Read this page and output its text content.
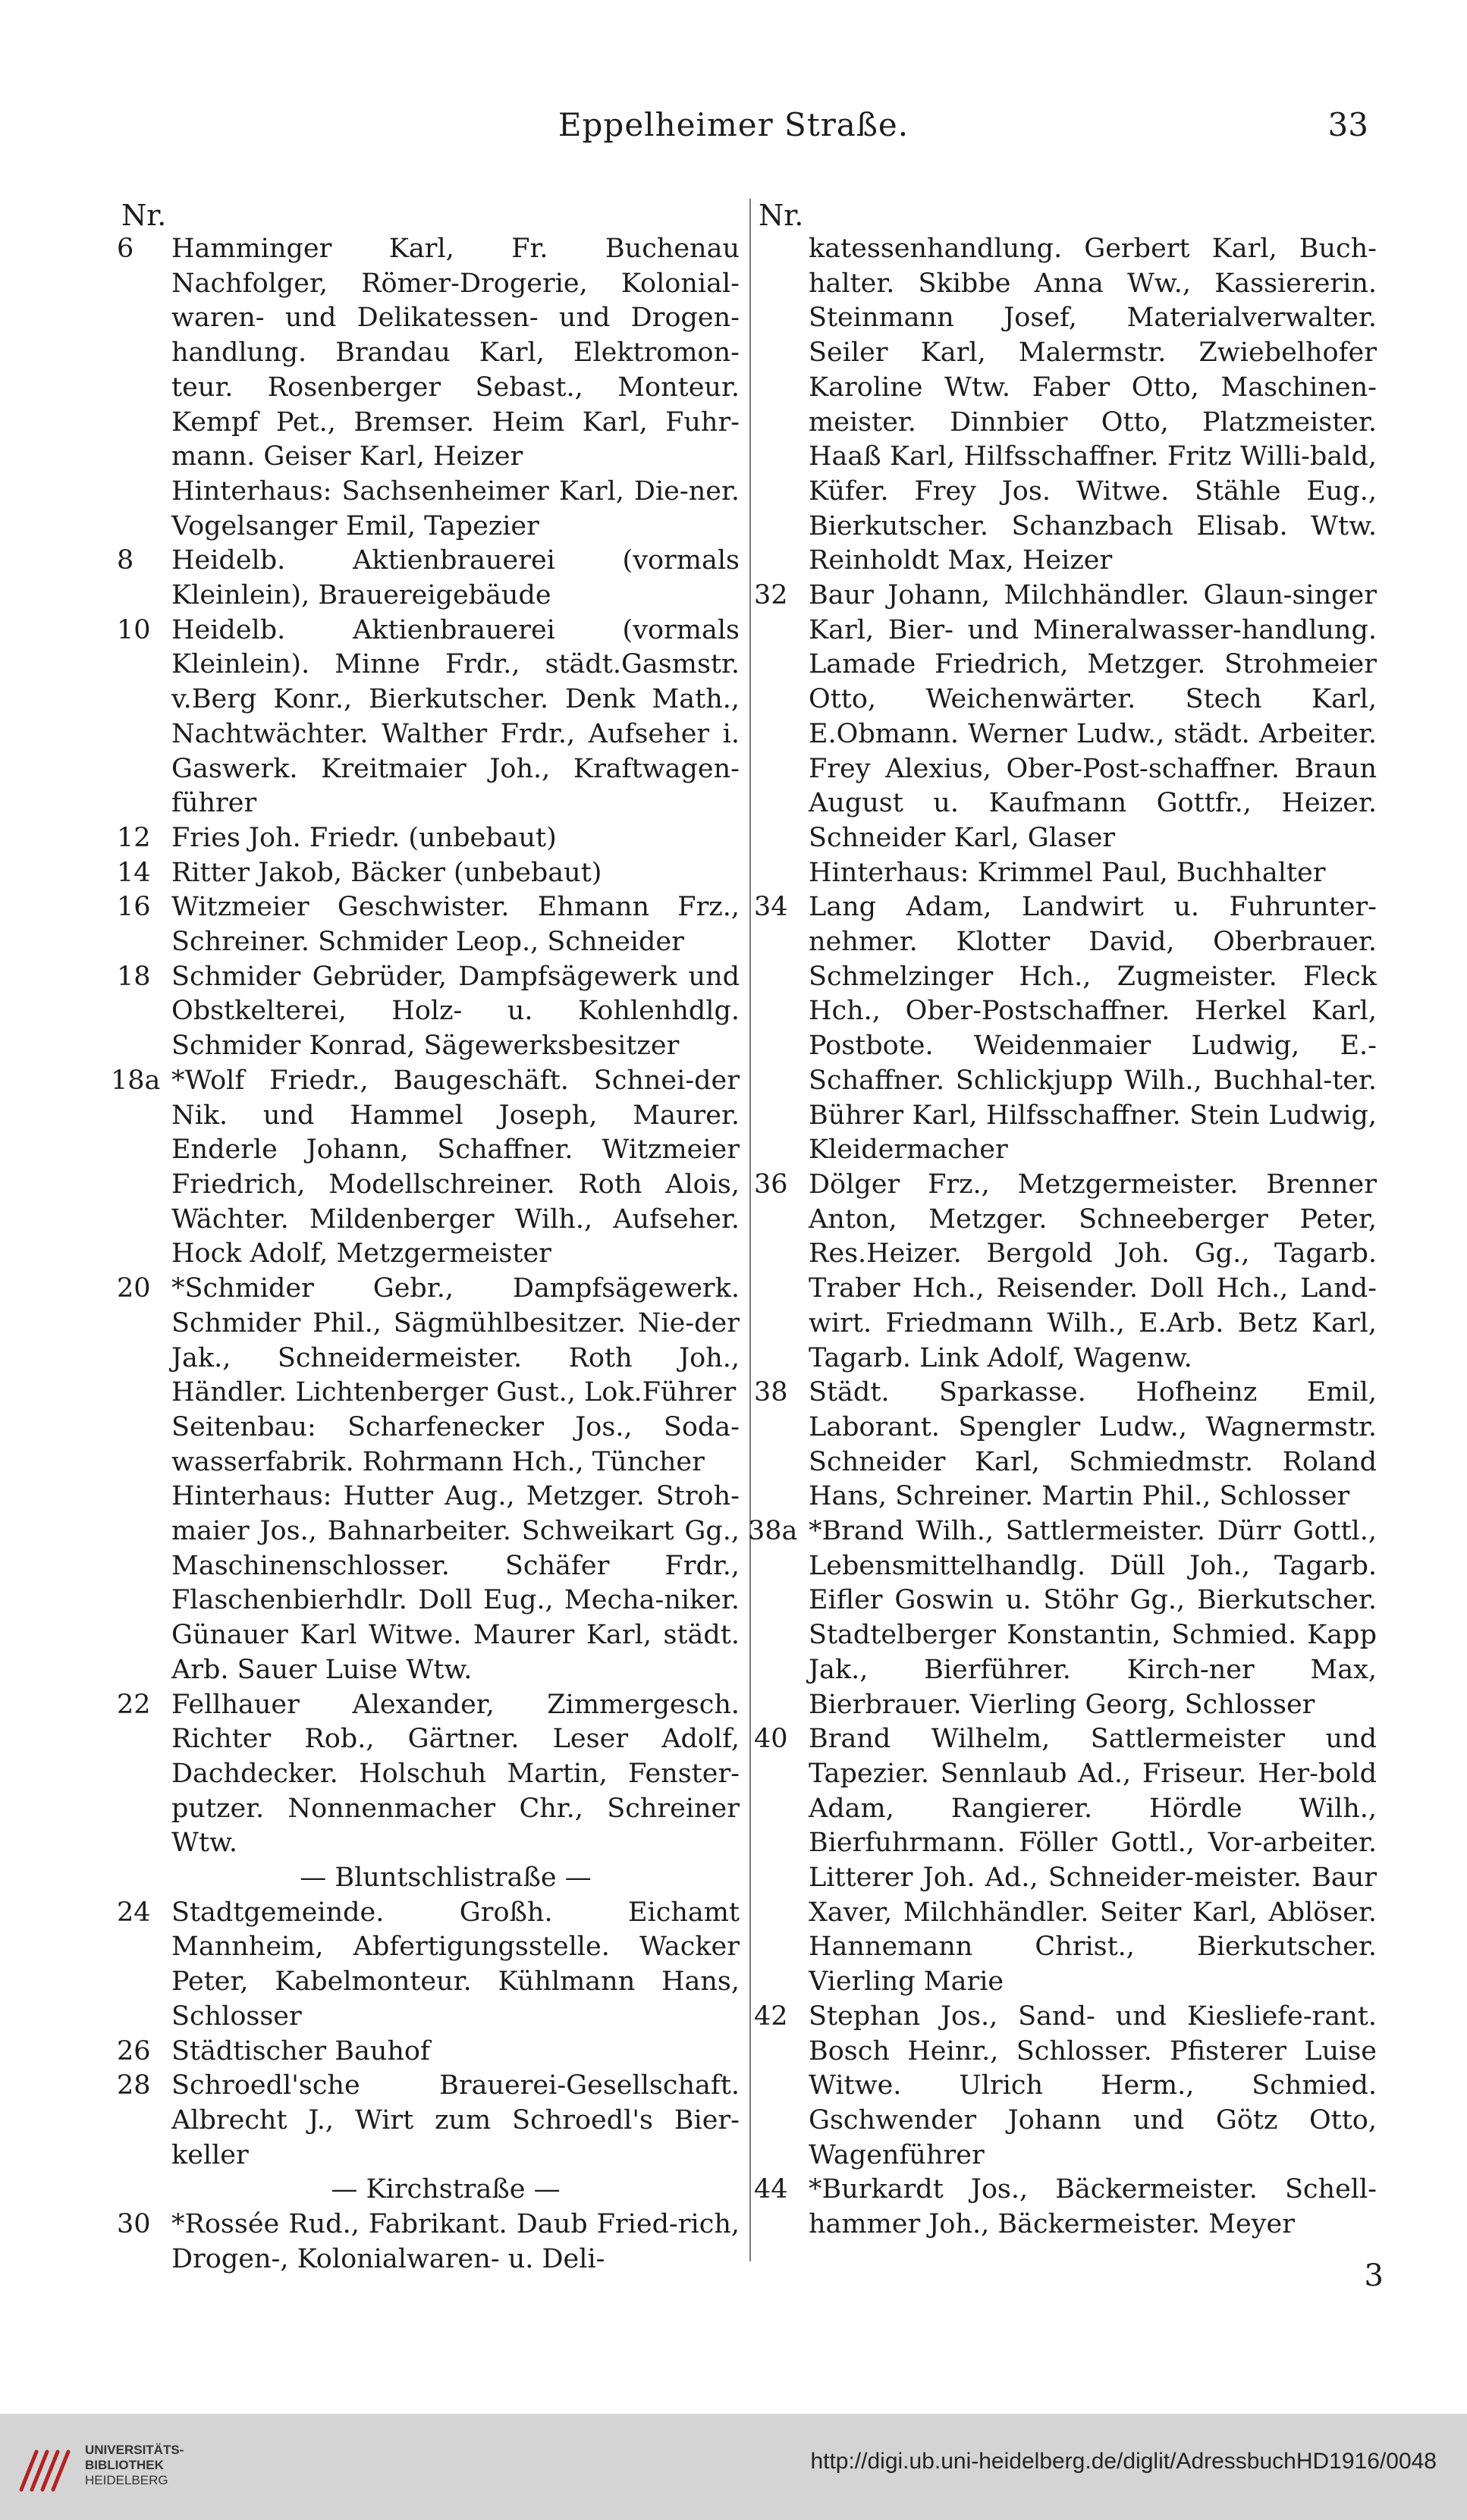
Eppelheimer Straße.	33
Nr.
6	Hamminger Karl, Fr. Buchenau Nachfolger, Römer-Drogerie, Kolonial-waren- und Delikatessen- und Drogen-handlung. Brandau Karl, Elektromon-teur. Rosenberger Sebast., Monteur. Kempf Pet., Bremser. Heim Karl, Fuhr-mann. Geiser Karl, Heizer
Hinterhaus: Sachsenheimer Karl, Die-ner. Vogelsanger Emil, Tapezier
8	Heidelb. Aktienbrauerei (vormals Kleinlein), Brauereigebäude
10 Heidelb. Aktienbrauerei (vormals Kleinlein). Minne Frdr., städt.Gasmstr. v.Berg Konr., Bierkutscher. Denk Math., Nachtwächter. Walther Frdr., Aufseher i. Gaswerk. Kreitmaier Joh., Kraftwagen-führer
12 Fries Joh. Friedr. (unbebaut)
14 Ritter Jakob, Bäcker (unbebaut)
16 Witzmeier Geschwister. Ehmann Frz., Schreiner. Schmider Leop., Schneider
18 Schmider Gebrüder, Dampfsägewerk und Obstkelterei, Holz- u. Kohlenhdlg. Schmider Konrad, Sägewerksbesitzer
18a *Wolf Friedr., Baugeschäft. Schnei-der Nik. und Hammel Joseph, Maurer. Enderle Johann, Schaffner. Witzmeier Friedrich, Modellschreiner. Roth Alois, Wächter. Mildenberger Wilh., Aufseher. Hock Adolf, Metzgermeister
20 *Schmider Gebr., Dampfsägewerk. Schmider Phil., Sägmühlbesitzer. Nie-der Jak., Schneidermeister. Roth Joh., Händler. Lichtenberger Gust., Lok.Führer
Seitenbau: Scharfenecker Jos., Soda-wasserfabrik. Rohrmann Hch., Tüncher
Hinterhaus: Hutter Aug., Metzger. Stroh-maier Jos., Bahnarbeiter. Schweikart Gg., Maschinenschlosser. Schäfer Frdr., Flaschenbierhdlr. Doll Eug., Mecha-niker. Günauer Karl Witwe. Maurer Karl, städt. Arb. Sauer Luise Wtw.
22 Fellhauer Alexander, Zimmergesch. Richter Rob., Gärtner. Leser Adolf, Dachdecker. Holschuh Martin, Fenster-putzer. Nonnenmacher Chr., Schreiner Wtw.
— Bluntschlistraße —
24 Stadtgemeinde. Großh. Eichamt Mannheim, Abfertigungsstelle. Wacker Peter, Kabelmonteur. Kühlmann Hans, Schlosser
26 Städtischer Bauhof
28 Schroedl'sche Brauerei-Gesellschaft. Albrecht J., Wirt zum Schroedl's Bier-keller
— Kirchstraße —
30 *Rossée Rud., Fabrikant. Daub Fried-rich, Drogen-, Kolonialwaren- u. Deli-
Nr.
katessenhandlung. Gerbert Karl, Buch-halter. Skibbe Anna Ww., Kassiererin. Steinmann Josef, Materialverwalter. Seiler Karl, Malermstr. Zwiebelhofer Karoline Wtw. Faber Otto, Maschinen-meister. Dinnbier Otto, Platzmeister. Haaß Karl, Hilfsschaffner. Fritz Willi-bald, Küfer. Frey Jos. Witwe. Stähle Eug., Bierkutscher. Schanzbach Elisab. Wtw. Reinholdt Max, Heizer
32 Baur Johann, Milchhändler. Glaun-singer Karl, Bier- und Mineralwasser-handlung. Lamade Friedrich, Metzger. Strohmeier Otto, Weichenwärter. Stech Karl, E.Obmann. Werner Ludw., städt. Arbeiter. Frey Alexius, Ober-Post-schaffner. Braun August u. Kaufmann Gottfr., Heizer. Schneider Karl, Glaser
Hinterhaus: Krimmel Paul, Buchhalter
34 Lang Adam, Landwirt u. Fuhrunter-nehmer. Klotter David, Oberbrauer. Schmelzinger Hch., Zugmeister. Fleck Hch., Ober-Postschaffner. Herkel Karl, Postbote. Weidenmaier Ludwig, E.-Schaffner. Schlickjupp Wilh., Buchhal-ter. Bührer Karl, Hilfsschaffner. Stein Ludwig, Kleidermacher
36 Dölger Frz., Metzgermeister. Brenner Anton, Metzger. Schneeberger Peter, Res.Heizer. Bergold Joh. Gg., Tagarb. Traber Hch., Reisender. Doll Hch., Land-wirt. Friedmann Wilh., E.Arb. Betz Karl, Tagarb. Link Adolf, Wagenw.
38 Städt. Sparkasse. Hofheinz Emil, Laborant. Spengler Ludw., Wagnermstr. Schneider Karl, Schmiedmstr. Roland Hans, Schreiner. Martin Phil., Schlosser
38a *Brand Wilh., Sattlermeister. Dürr Gottl., Lebensmittelhandlg. Düll Joh., Tagarb. Eifler Goswin u. Stöhr Gg., Bierkutscher. Stadtelberger Konstantin, Schmied. Kapp Jak., Bierführer. Kirch-ner Max, Bierbrauer. Vierling Georg, Schlosser
40 Brand Wilhelm, Sattlermeister und Tapezier. Sennlaub Ad., Friseur. Her-bold Adam, Rangierer. Hördle Wilh., Bierfuhrmann. Föller Gottl., Vor-arbeiter. Litterer Joh. Ad., Schneider-meister. Baur Xaver, Milchhändler. Seiter Karl, Ablöser. Hannemann Christ., Bierkutscher. Vierling Marie
42 Stephan Jos., Sand- und Kiesliefe-rant. Bosch Heinr., Schlosser. Pfisterer Luise Witwe. Ulrich Herm., Schmied. Gschwender Johann und Götz Otto, Wagenführer
44 *Burkardt Jos., Bäckermeister. Schell-hammer Joh., Bäckermeister. Meyer
3
UNIVERSITÄTS-
BIBLIOTHEK
HEIDELBERG
http://digi.ub.uni-heidelberg.de/diglit/AdressbuchHD1916/0048
